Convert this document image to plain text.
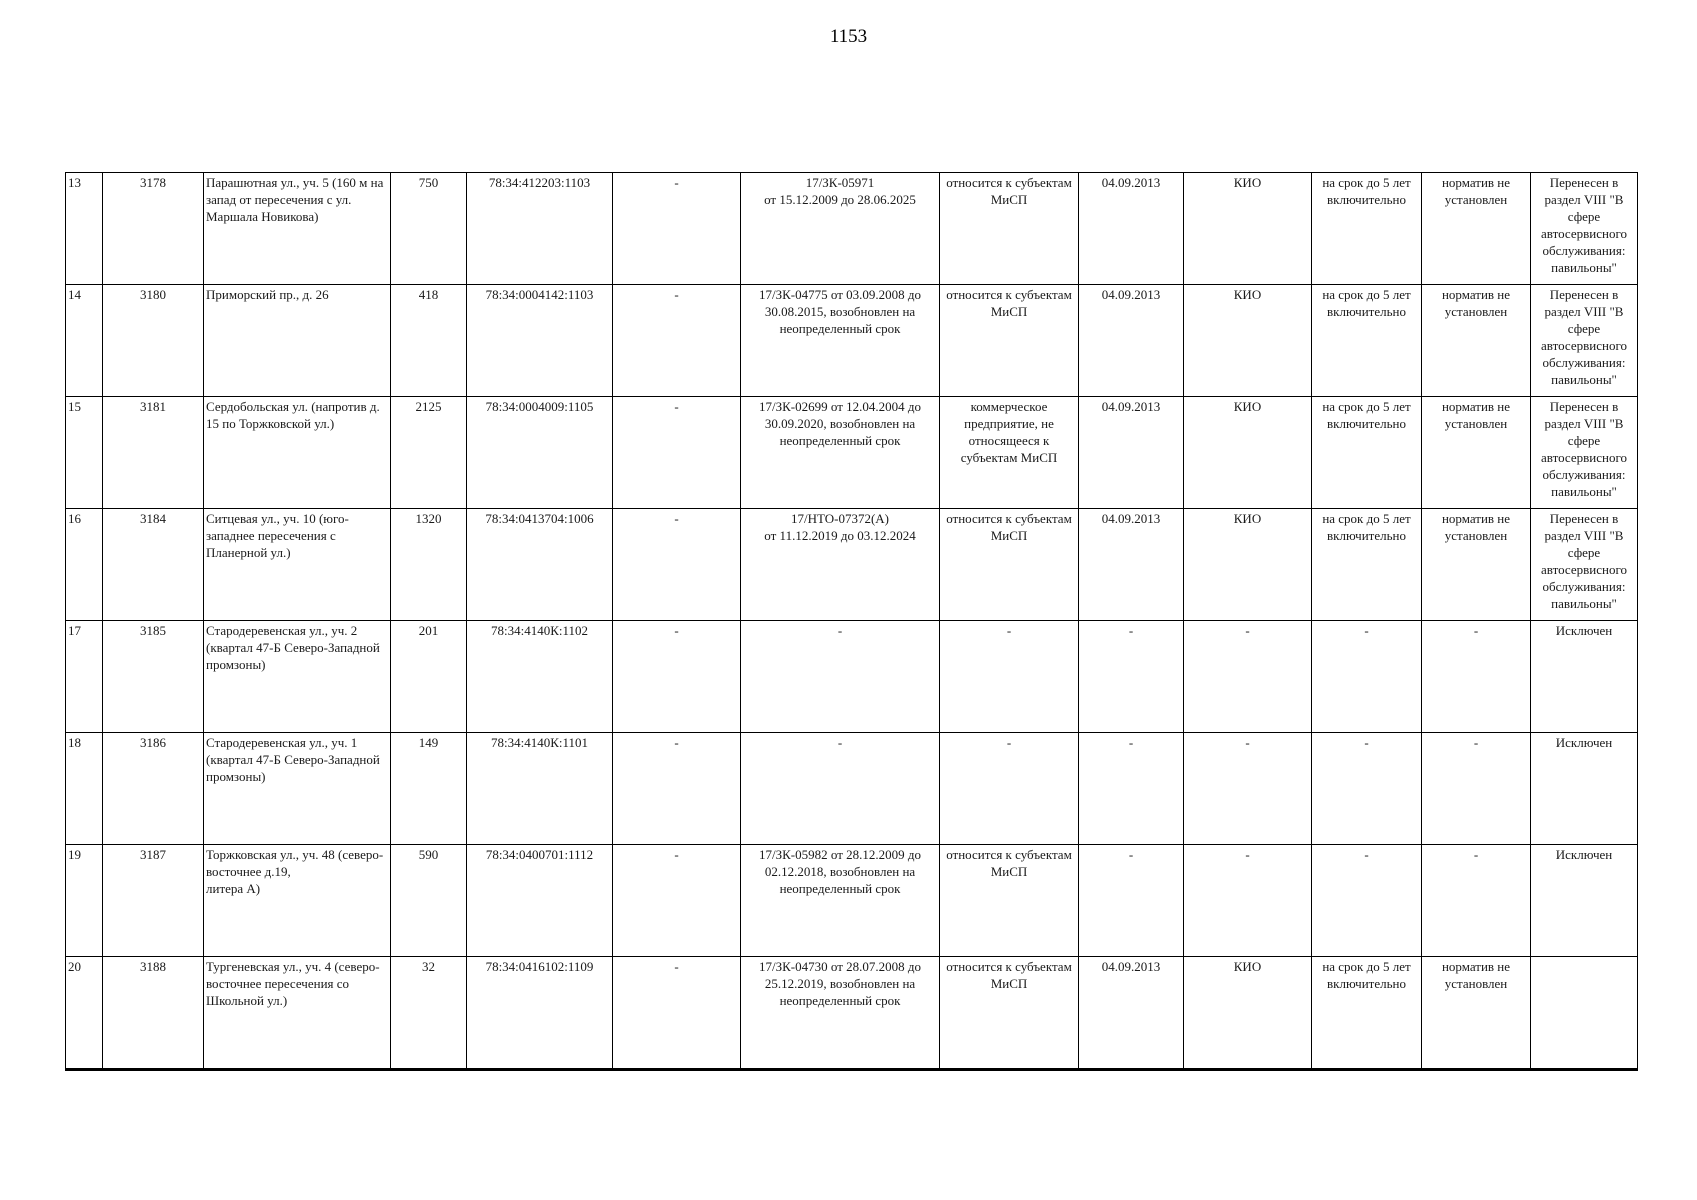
1153
13	3178	Парашютная ул., уч. 5 (160 м на запад от пересечения с ул. Маршала Новикова)	750	78:34:412203:1103	-	17/ЗК-05971
от 15.12.2009 до 28.06.2025	относится к субъектам МиСП	04.09.2013	КИО	на срок до 5 лет включительно	норматив не установлен	Перенесен в раздел VIII "В сфере автосервисного обслуживания: павильоны"
14	3180	Приморский пр., д. 26	418	78:34:0004142:1103	-	17/ЗК-04775 от 03.09.2008 до 30.08.2015, возобновлен на неопределенный срок	относится к субъектам МиСП	04.09.2013	КИО	на срок до 5 лет включительно	норматив не установлен	Перенесен в раздел VIII "В сфере автосервисного обслуживания: павильоны"
15	3181	Сердобольская ул. (напротив д. 15 по Торжковской ул.)	2125	78:34:0004009:1105	-	17/ЗК-02699 от 12.04.2004 до 30.09.2020, возобновлен на неопределенный срок	коммерческое предприятие, не относящееся к субъектам МиСП	04.09.2013	КИО	на срок до 5 лет включительно	норматив не установлен	Перенесен в раздел VIII "В сфере автосервисного обслуживания: павильоны"
16	3184	Ситцевая ул., уч. 10 (юго-западнее пересечения с Планерной ул.)	1320	78:34:0413704:1006	-	17/НТО-07372(А)
от 11.12.2019 до 03.12.2024	относится к субъектам МиСП	04.09.2013	КИО	на срок до 5 лет включительно	норматив не установлен	Перенесен в раздел VIII "В сфере автосервисного обслуживания: павильоны"
17	3185	Стародеревенская ул., уч. 2 (квартал 47-Б Северо-Западной промзоны)	201	78:34:4140К:1102	-	-	-	-	-	-	-	Исключен
18	3186	Стародеревенская ул., уч. 1 (квартал 47-Б Северо-Западной промзоны)	149	78:34:4140К:1101	-	-	-	-	-	-	-	Исключен
19	3187	Торжковская ул., уч. 48 (северо-восточнее д.19,
литера А)	590	78:34:0400701:1112	-	17/ЗК-05982 от 28.12.2009 до 02.12.2018, возобновлен на неопределенный срок	относится к субъектам МиСП	-	-	-	-	Исключен
20	3188	Тургеневская ул., уч. 4 (северо-восточнее пересечения со Школьной ул.)	32	78:34:0416102:1109	-	17/ЗК-04730 от 28.07.2008 до 25.12.2019, возобновлен на неопределенный срок	относится к субъектам МиСП	04.09.2013	КИО	на срок до 5 лет включительно	норматив не установлен	
